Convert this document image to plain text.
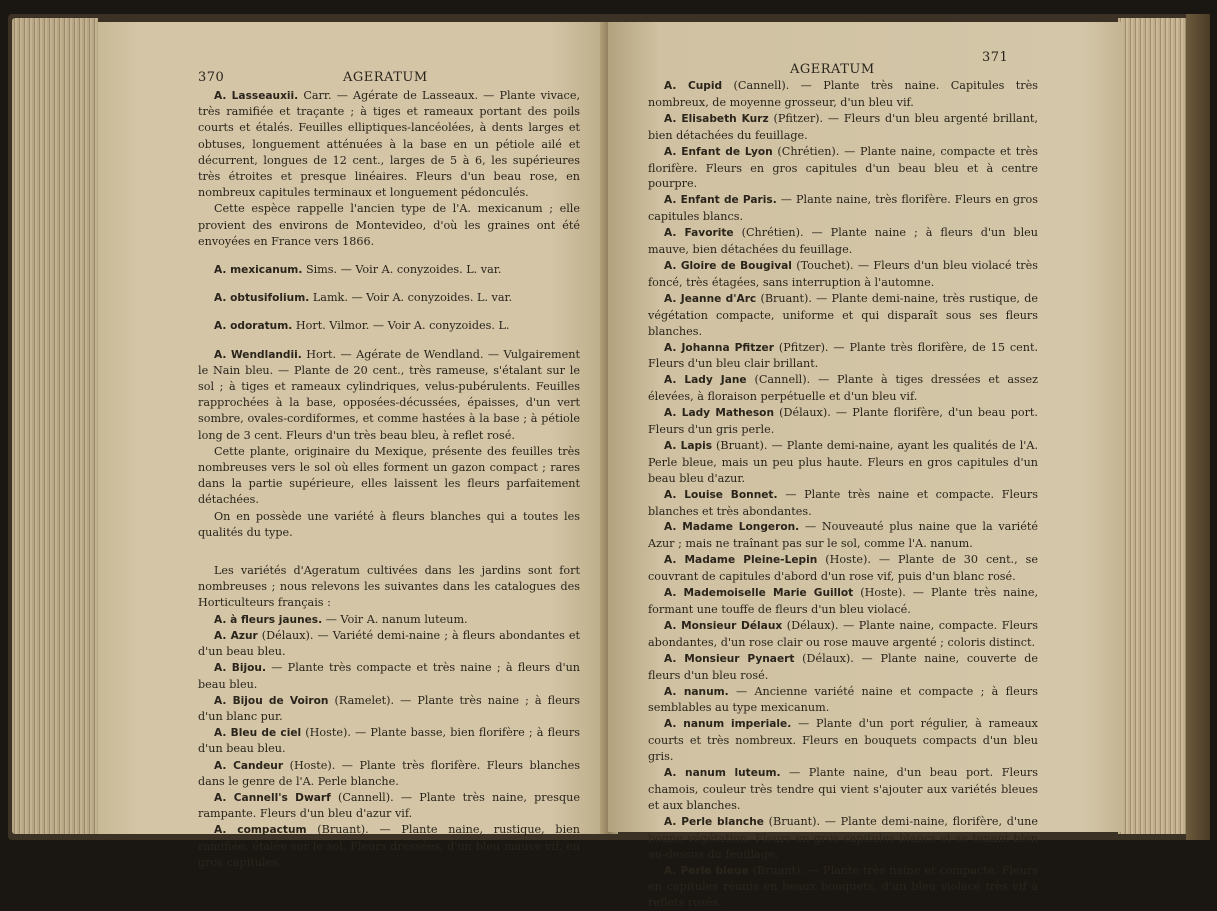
370	AGERATUM

A. Lasseauxii. Carr. — Agérate de Lasseaux. — Plante vivace, très ramifiée et traçante ; à tiges et rameaux portant des poils courts et étalés. Feuilles elliptiques-lancéolées, à dents larges et obtuses, longuement atténuées à la base en un pétiole ailé et décurrent, longues de 12 cent., larges de 5 à 6, les supérieures très étroites et presque linéaires. Fleurs d'un beau rose, en nombreux capitules terminaux et longuement pédonculés.

Cette espèce rappelle l'ancien type de l'A. mexicanum ; elle provient des environs de Montevideo, d'où les graines ont été envoyées en France vers 1866.

A. mexicanum. Sims. — Voir A. conyzoides. L. var.

A. obtusifolium. Lamk. — Voir A. conyzoides. L. var.

A. odoratum. Hort. Vilmor. — Voir A. conyzoides. L.

A. Wendlandii. Hort. — Agérate de Wendland. — Vulgairement le Nain bleu. — Plante de 20 cent., très rameuse, s'étalant sur le sol ; à tiges et rameaux cylindriques, velus-pubérulents. Feuilles rapprochées à la base, opposées-décussées, épaisses, d'un vert sombre, ovales-cordiformes, et comme hastées à la base ; à pétiole long de 3 cent. Fleurs d'un très beau bleu, à reflet rosé.

Cette plante, originaire du Mexique, présente des feuilles très nombreuses vers le sol où elles forment un gazon compact ; rares dans la partie supérieure, elles laissent les fleurs parfaitement détachées.

On en possède une variété à fleurs blanches qui a toutes les qualités du type.

Les variétés d'Ageratum cultivées dans les jardins sont fort nombreuses ; nous relevons les suivantes dans les catalogues des Horticulteurs français :

A. à fleurs jaunes. — Voir A. nanum luteum.

A. Azur (Délaux). — Variété demi-naine ; à fleurs abondantes et d'un beau bleu.

A. Bijou. — Plante très compacte et très naine ; à fleurs d'un beau bleu.

A. Bijou de Voiron (Ramelet). — Plante très naine ; à fleurs d'un blanc pur.

A. Bleu de ciel (Hoste). — Plante basse, bien florifère ; à fleurs d'un beau bleu.

A. Candeur (Hoste). — Plante très florifère. Fleurs blanches dans le genre de l'A. Perle blanche.

A. Cannell's Dwarf (Cannell). — Plante très naine, presque rampante. Fleurs d'un bleu d'azur vif.

A. compactum (Bruant). — Plante naine, rustique, bien ramifiée, étalée sur le sol. Fleurs dressées, d'un bleu mauve vif, en gros capitules.

AGERATUM
371

A. Cupid (Cannell). — Plante très naine. Capitules très nombreux, de moyenne grosseur, d'un bleu vif.

A. Elisabeth Kurz (Pfitzer). — Fleurs d'un bleu argenté brillant, bien détachées du feuillage.

A. Enfant de Lyon (Chrétien). — Plante naine, compacte et très florifère. Fleurs en gros capitules d'un beau bleu et à centre pourpre.

A. Enfant de Paris. — Plante naine, très florifère. Fleurs en gros capitules blancs.

A. Favorite (Chrétien). — Plante naine ; à fleurs d'un bleu mauve, bien détachées du feuillage.

A. Gloire de Bougival (Touchet). — Fleurs d'un bleu violacé très foncé, très étagées, sans interruption à l'automne.

A. Jeanne d'Arc (Bruant). — Plante demi-naine, très rustique, de végétation compacte, uniforme et qui disparaît sous ses fleurs blanches.

A. Johanna Pfitzer (Pfitzer). — Plante très florifère, de 15 cent. Fleurs d'un bleu clair brillant.

A. Lady Jane (Cannell). — Plante à tiges dressées et assez élevées, à floraison perpétuelle et d'un bleu vif.

A. Lady Matheson (Délaux). — Plante florifère, d'un beau port. Fleurs d'un gris perle.

A. Lapis (Bruant). — Plante demi-naine, ayant les qualités de l'A. Perle bleue, mais un peu plus haute. Fleurs en gros capitules d'un beau bleu d'azur.

A. Louise Bonnet. — Plante très naine et compacte. Fleurs blanches et très abondantes.

A. Madame Longeron. — Nouveauté plus naine que la variété Azur ; mais ne traînant pas sur le sol, comme l'A. nanum.

A. Madame Pleine-Lepin (Hoste). — Plante de 30 cent., se couvrant de capitules d'abord d'un rose vif, puis d'un blanc rosé.

A. Mademoiselle Marie Guillot (Hoste). — Plante très naine, formant une touffe de fleurs d'un bleu violacé.

A. Monsieur Délaux (Délaux). — Plante naine, compacte. Fleurs abondantes, d'un rose clair ou rose mauve argenté ; coloris distinct.

A. Monsieur Pynaert (Délaux). — Plante naine, couverte de fleurs d'un bleu rosé.

A. nanum. — Ancienne variété naine et compacte ; à fleurs semblables au type mexicanum.

A. nanum imperiale. — Plante d'un port régulier, à rameaux courts et très nombreux. Fleurs en bouquets compacts d'un bleu gris.

A. nanum luteum. — Plante naine, d'un beau port. Fleurs chamois, couleur très tendre qui vient s'ajouter aux variétés bleues et aux blanches.

A. Perle blanche (Bruant). — Plante demi-naine, florifère, d'une bonne végétation. Fleurs en gros capitules blancs et se tenant bien au-dessus du feuillage.

A. Perle bleue (Bruant). — Plante très naine et compacte. Fleurs en capitules réunis en beaux bouquets, d'un bleu violacé très vif à reflets rosés.
